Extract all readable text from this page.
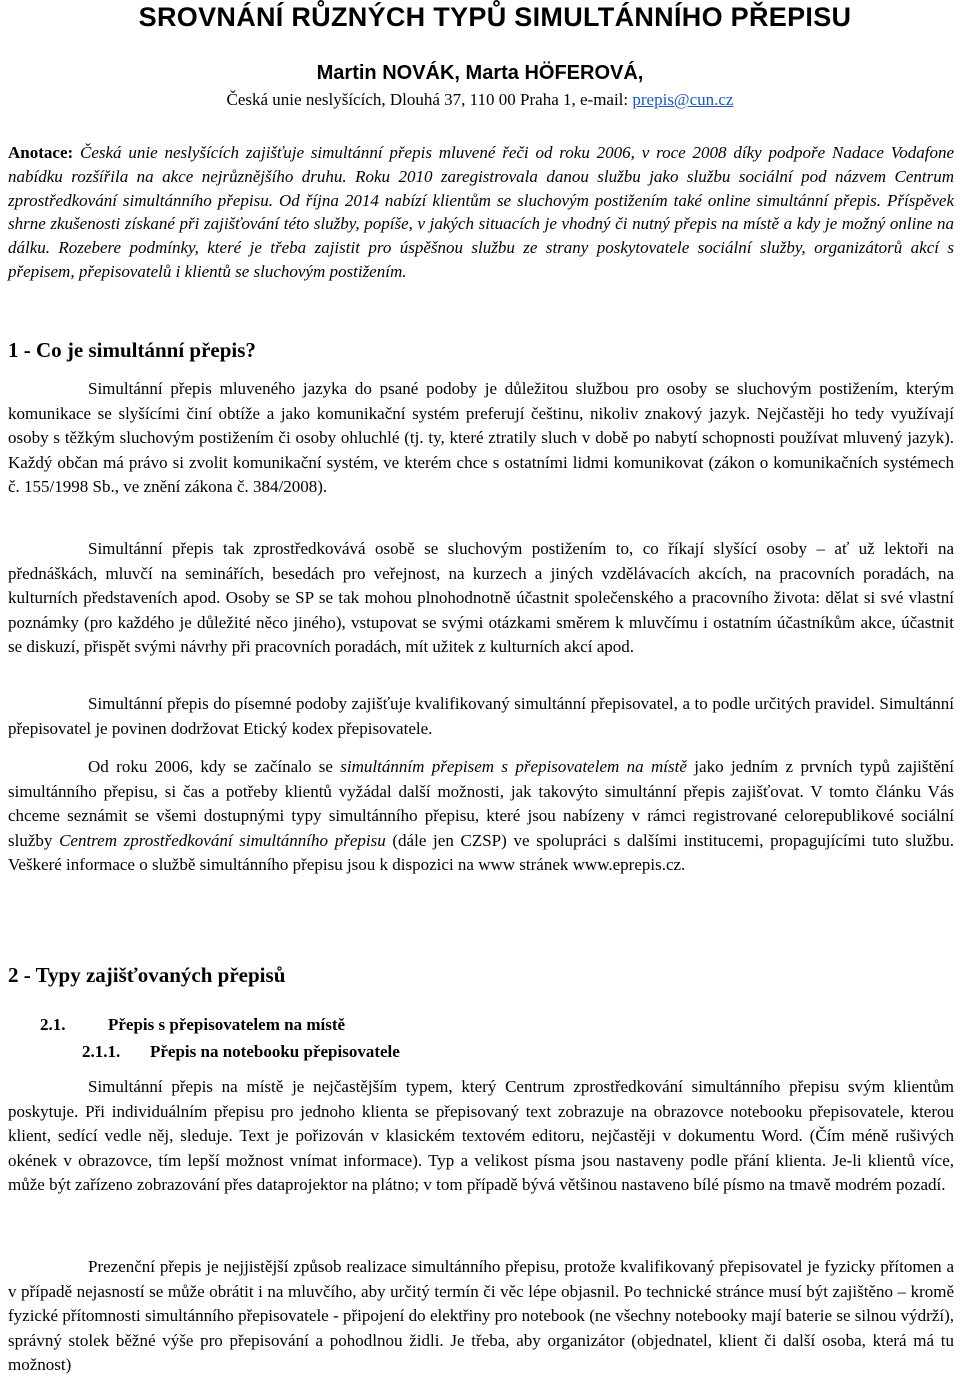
SROVNÁNÍ RŮZNÝCH TYPŮ SIMULTÁNNÍHO PŘEPISU
Martin NOVÁK, Marta HÖFEROVÁ,
Česká unie neslyšících, Dlouhá 37, 110 00 Praha 1, e-mail: prepis@cun.cz

Anotace: Česká unie neslyšících zajišťuje simultánní přepis mluvené řeči od roku 2006, v roce 2008 díky podpoře Nadace Vodafone nabídku rozšířila na akce nejrůznějšího druhu. Roku 2010 zaregistrovala danou službu jako službu sociální pod názvem Centrum zprostředkování simultánního přepisu. Od října 2014 nabízí klientům se sluchovým postižením také online simultánní přepis. Příspěvek shrne zkušenosti získané při zajišťování této služby, popíše, v jakých situacích je vhodný či nutný přepis na místě a kdy je možný online na dálku. Rozebere podmínky, které je třeba zajistit pro úspěšnou službu ze strany poskytovatele sociální služby, organizátorů akcí s přepisem, přepisovatelů i klientů se sluchovým postižením.

1 - Co je simultánní přepis?

Simultánní přepis mluveného jazyka do psané podoby je důležitou službou pro osoby se sluchovým postižením, kterým komunikace se slyšícími činí obtíže a jako komunikační systém preferují češtinu, nikoliv znakový jazyk. Nejčastěji ho tedy využívají osoby s těžkým sluchovým postižením či osoby ohluchlé (tj. ty, které ztratily sluch v době po nabytí schopnosti používat mluvený jazyk). Každý občan má právo si zvolit komunikační systém, ve kterém chce s ostatními lidmi komunikovat (zákon o komunikačních systémech č. 155/1998 Sb., ve znění zákona č. 384/2008).

Simultánní přepis tak zprostředkovává osobě se sluchovým postižením to, co říkají slyšící osoby – ať už lektoři na přednáškách, mluvčí na seminářích, besedách pro veřejnost, na kurzech a jiných vzdělávacích akcích, na pracovních poradách, na kulturních představeních apod. Osoby se SP se tak mohou plnohodnotně účastnit společenského a pracovního života: dělat si své vlastní poznámky (pro každého je důležité něco jiného), vstupovat se svými otázkami směrem k mluvčímu i ostatním účastníkům akce, účastnit se diskuzí, přispět svými návrhy při pracovních poradách, mít užitek z kulturních akcí apod.

Simultánní přepis do písemné podoby zajišťuje kvalifikovaný simultánní přepisovatel, a to podle určitých pravidel. Simultánní přepisovatel je povinen dodržovat Etický kodex přepisovatele.

Od roku 2006, kdy se začínalo se simultánním přepisem s přepisovatelem na místě jako jedním z prvních typů zajištění simultánního přepisu, si čas a potřeby klientů vyžádal další možnosti, jak takovýto simultánní přepis zajišťovat. V tomto článku Vás chceme seznámit se všemi dostupnými typy simultánního přepisu, které jsou nabízeny v rámci registrované celorepublikové sociální služby Centrem zprostředkování simultánního přepisu (dále jen CZSP) ve spolupráci s dalšími institucemi, propagujícími tuto službu. Veškeré informace o službě simultánního přepisu jsou k dispozici na www stránek www.eprepis.cz.

2 - Typy zajišťovaných přepisů
2.1.	Přepis s přepisovatelem na místě
2.1.1. Přepis na notebooku přepisovatele

Simultánní přepis na místě je nejčastějším typem, který Centrum zprostředkování simultánního přepisu svým klientům poskytuje. Při individuálním přepisu pro jednoho klienta se přepisovaný text zobrazuje na obrazovce notebooku přepisovatele, kterou klient, sedící vedle něj, sleduje. Text je pořizován v klasickém textovém editoru, nejčastěji v dokumentu Word. (Čím méně rušivých okének v obrazovce, tím lepší možnost vnímat informace). Typ a velikost písma jsou nastaveny podle přání klienta. Je-li klientů více, může být zařízeno zobrazování přes dataprojektor na plátno; v tom případě bývá většinou nastaveno bílé písmo na tmavě modrém pozadí.

Prezenční přepis je nejjistější způsob realizace simultánního přepisu, protože kvalifikovaný přepisovatel je fyzicky přítomen a v případě nejasností se může obrátit i na mluvčího, aby určitý termín či věc lépe objasnil. Po technické stránce musí být zajištěno – kromě fyzické přítomnosti simultánního přepisovatele - připojení do elektřiny pro notebook (ne všechny notebooky mají baterie se silnou výdrží), správný stolek běžné výše pro přepisování a pohodlnou židli. Je třeba, aby organizátor (objednatel, klient či další osoba, která má tu možnost)
